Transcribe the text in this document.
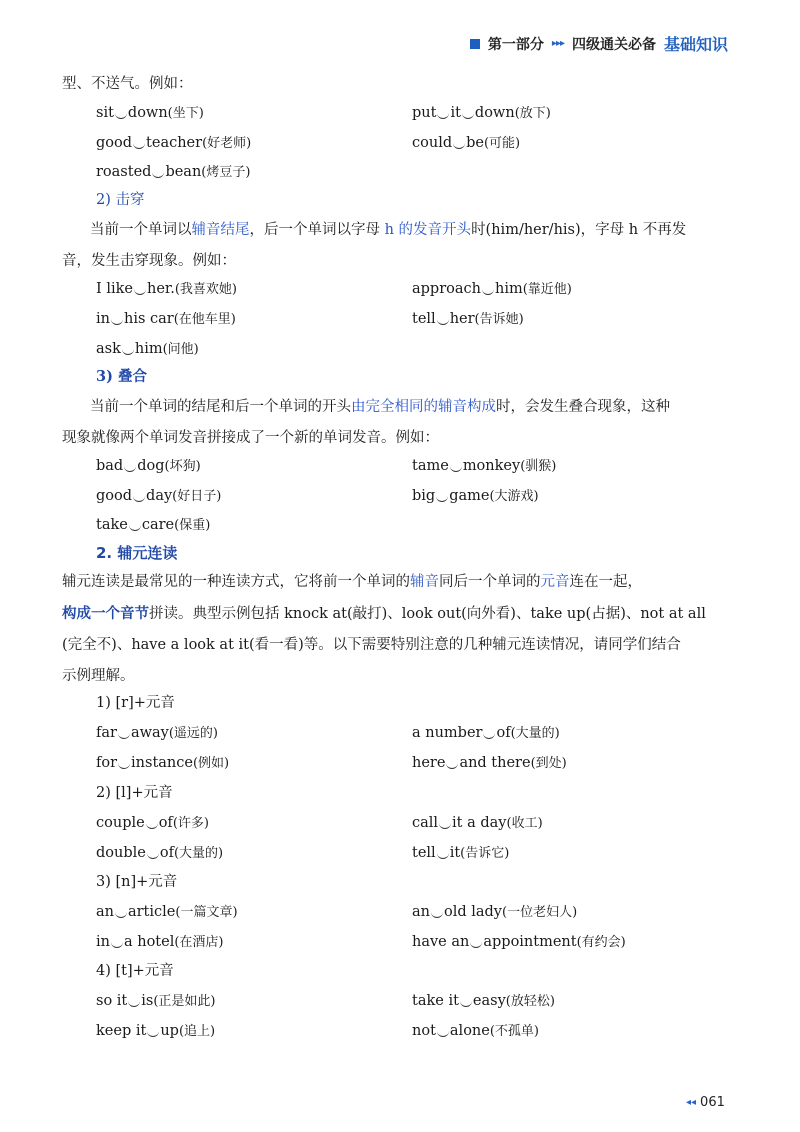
第一部分 ▸▸▸ 四级通关必备 基础知识
型、不送气。例如：
sit down(坐下)	put it down(放下)
good teacher(好老师)	could be(可能)
roasted bean(烤豆子)
2) 击穿
当前一个单词以辅音结尾，后一个单词以字母 h 的发音开头时(him/her/his)，字母 h 不再发
音，发生击穿现象。例如：
I like her.(我喜欢她)	approach him(靠近他)
in his car(在他车里)	tell her(告诉她)
ask him(问他)
3) 叠合
当前一个单词的结尾和后一个单词的开头由完全相同的辅音构成时，会发生叠合现象，这种
现象就像两个单词发音拼接成了一个新的单词发音。例如：
bad dog(坏狗)	tame monkey(驯猴)
good day(好日子)	big game(大游戏)
take care(保重)
2. 辅元连读
辅元连读是最常见的一种连读方式，它将前一个单词的辅音同后一个单词的元音连在一起，
构成一个音节拼读。典型示例包括 knock at(敲打)、look out(向外看)、take up(占据)、not at all
(完全不)、have a look at it(看一看)等。以下需要特别注意的几种辅元连读情况，请同学们结合
示例理解。
1) [r]+元音
far away(遥远的)	a number of(大量的)
for instance(例如)	here and there(到处)
2) [l]+元音
couple of(许多)	call it a day(收工)
double of(大量的)	tell it(告诉它)
3) [n]+元音
an article(一篇文章)	an old lady(一位老妇人)
in a hotel(在酒店)	have an appointment(有约会)
4) [t]+元音
so it is(正是如此)	take it easy(放轻松)
keep it up(追上)	not alone(不孤单)
◂◂ 061
